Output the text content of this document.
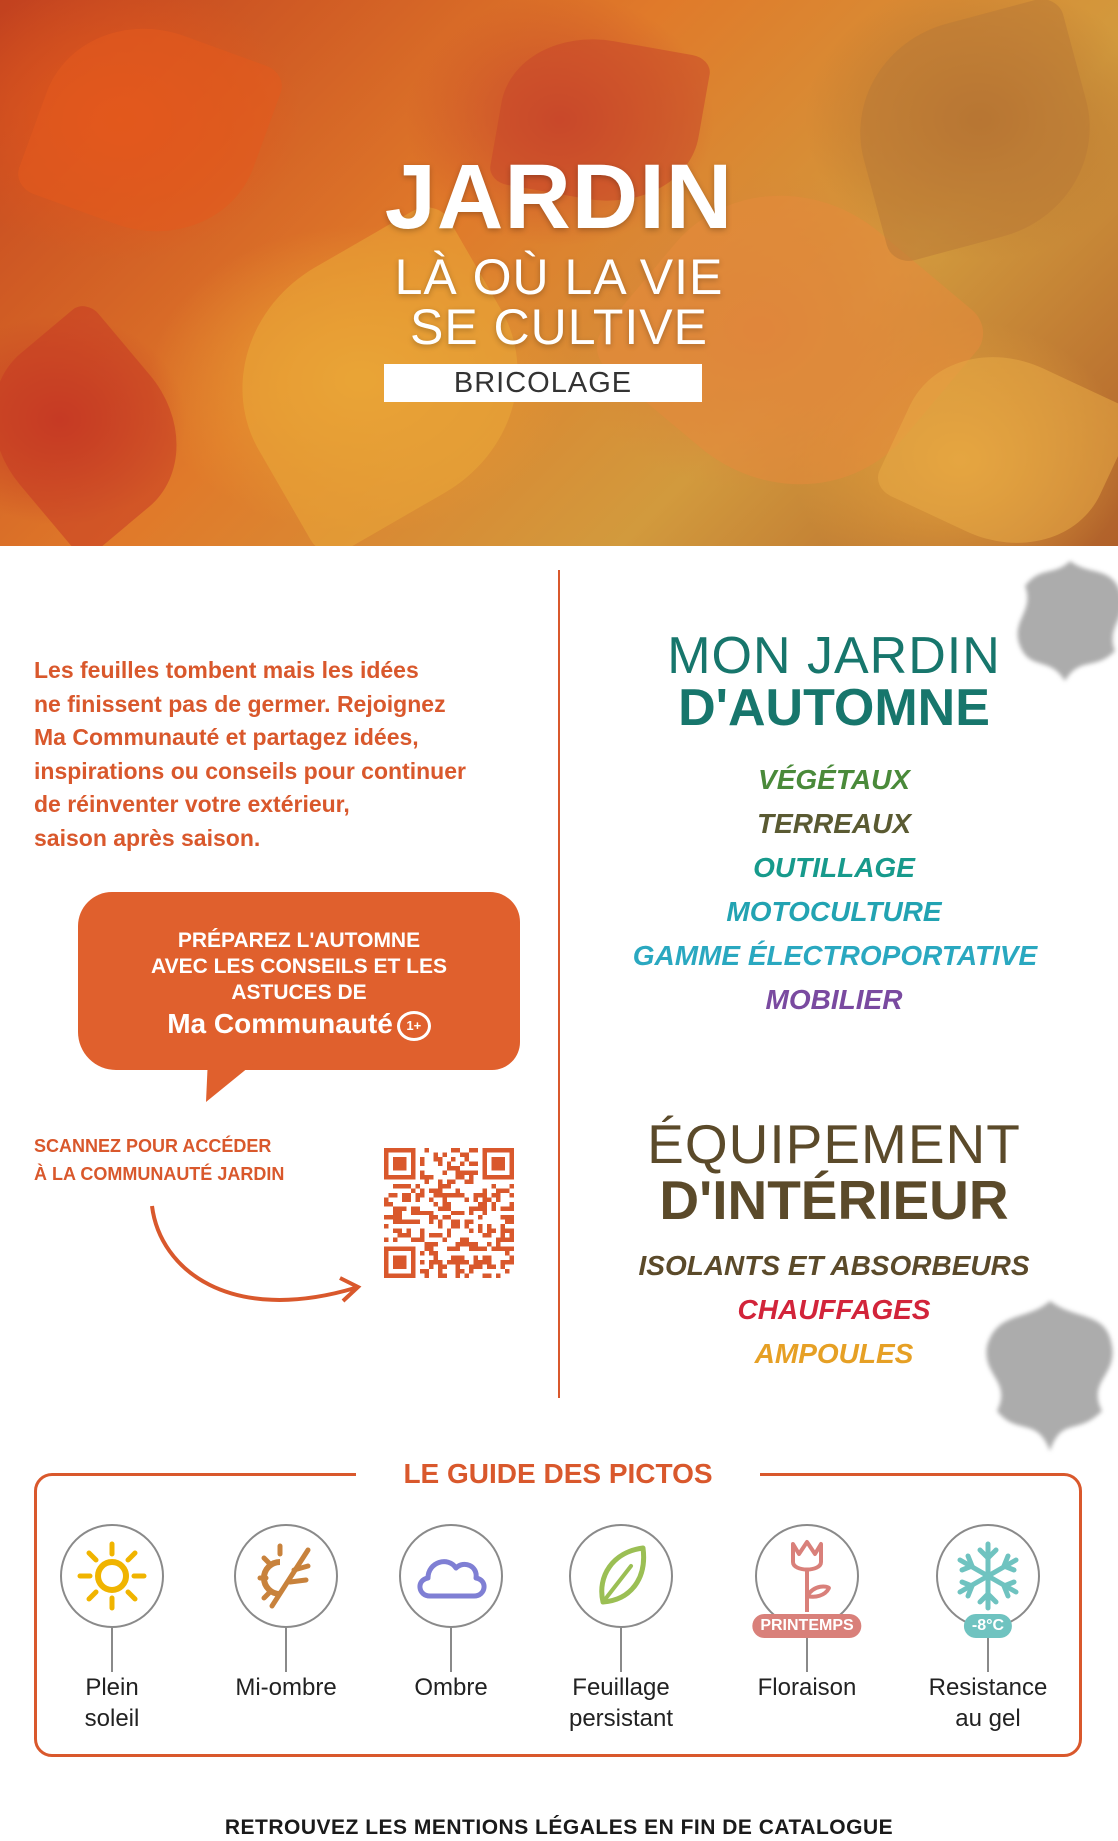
JARDIN
LÀ OÙ LA VIE
SE CULTIVE
BRICOLAGE
Les feuilles tombent mais les idées
ne finissent pas de germer. Rejoignez
Ma Communauté et partagez idées,
inspirations ou conseils pour continuer
de réinventer votre extérieur,
saison après saison.
PRÉPAREZ L'AUTOMNE
AVEC LES CONSEILS ET LES
ASTUCES DE
Ma Communauté 1+
SCANNEZ POUR ACCÉDER
À LA COMMUNAUTÉ JARDIN
MON JARDIN
D'AUTOMNE
VÉGÉTAUX
TERREAUX
OUTILLAGE
MOTOCULTURE
GAMME ÉLECTROPORTATIVE
MOBILIER
ÉQUIPEMENT
D'INTÉRIEUR
ISOLANTS ET ABSORBEURS
CHAUFFAGES
AMPOULES
LE GUIDE DES PICTOS
Plein
soleil
Mi-ombre	Ombre	Feuillage
persistant
PRINTEMPS
Floraison
-8°C
Resistance
au gel
RETROUVEZ LES MENTIONS LÉGALES EN FIN DE CATALOGUE
